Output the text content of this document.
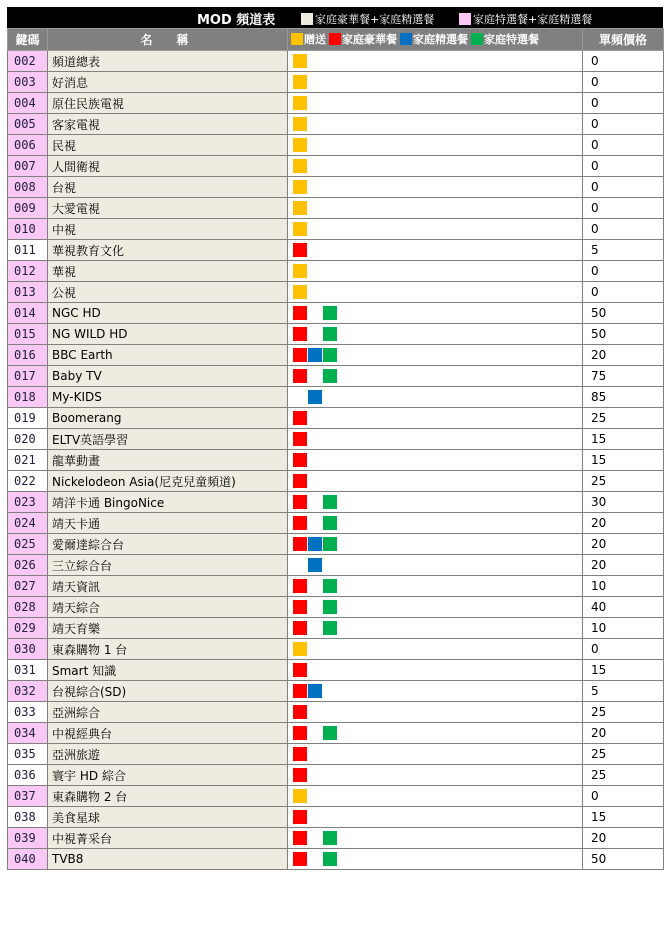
MOD 頻道表	家庭豪華餐+家庭精選餐	家庭特選餐+家庭精選餐
鍵碼	名　稱	贈送 家庭豪華餐 家庭精選餐 家庭特選餐	單頻價格
002	頻道總表		0
003	好消息		0
004	原住民族電視		0
005	客家電視		0
006	民視		0
007	人間衛視		0
008	台視		0
009	大愛電視		0
010	中視		0
011	華視教育文化		5
012	華視		0
013	公視		0
014	NGC HD		50
015	NG WILD HD		50
016	BBC Earth		20
017	Baby TV		75
018	My-KIDS		85
019	Boomerang		25
020	ELTV英語學習		15
021	龍華動畫		15
022	Nickelodeon Asia(尼克兒童頻道)		25
023	靖洋卡通 BingoNice		30
024	靖天卡通		20
025	愛爾達綜合台		20
026	三立綜合台		20
027	靖天資訊		10
028	靖天綜合		40
029	靖天育樂		10
030	東森購物 1 台		0
031	Smart 知識		15
032	台視綜合(SD)		5
033	亞洲綜合		25
034	中視經典台		20
035	亞洲旅遊		25
036	寰宇 HD 綜合		25
037	東森購物 2 台		0
038	美食星球		15
039	中視菁采台		20
040	TVB8		50
